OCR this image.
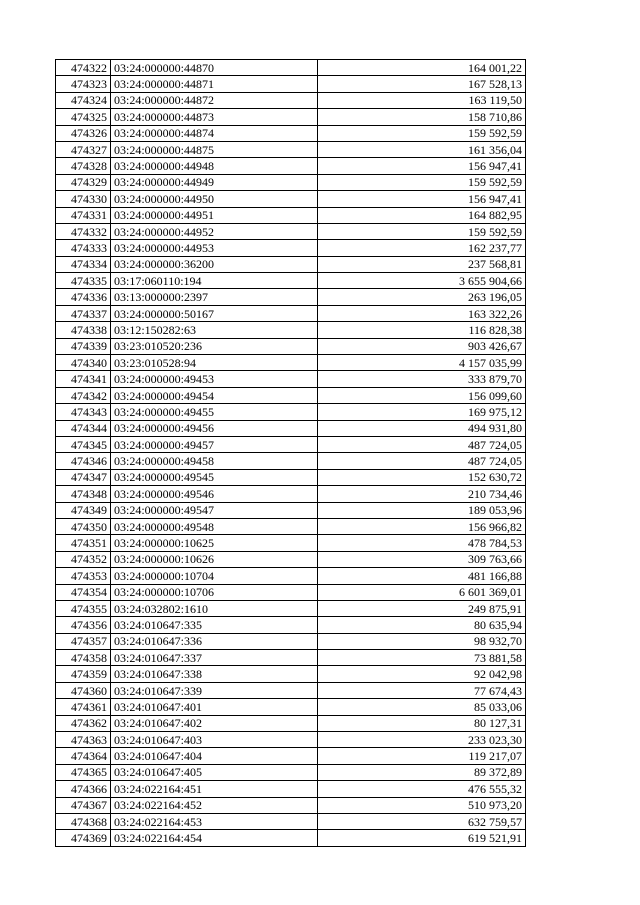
474322	03:24:000000:44870	164 001,22
474323	03:24:000000:44871	167 528,13
474324	03:24:000000:44872	163 119,50
474325	03:24:000000:44873	158 710,86
474326	03:24:000000:44874	159 592,59
474327	03:24:000000:44875	161 356,04
474328	03:24:000000:44948	156 947,41
474329	03:24:000000:44949	159 592,59
474330	03:24:000000:44950	156 947,41
474331	03:24:000000:44951	164 882,95
474332	03:24:000000:44952	159 592,59
474333	03:24:000000:44953	162 237,77
474334	03:24:000000:36200	237 568,81
474335	03:17:060110:194	3 655 904,66
474336	03:13:000000:2397	263 196,05
474337	03:24:000000:50167	163 322,26
474338	03:12:150282:63	116 828,38
474339	03:23:010520:236	903 426,67
474340	03:23:010528:94	4 157 035,99
474341	03:24:000000:49453	333 879,70
474342	03:24:000000:49454	156 099,60
474343	03:24:000000:49455	169 975,12
474344	03:24:000000:49456	494 931,80
474345	03:24:000000:49457	487 724,05
474346	03:24:000000:49458	487 724,05
474347	03:24:000000:49545	152 630,72
474348	03:24:000000:49546	210 734,46
474349	03:24:000000:49547	189 053,96
474350	03:24:000000:49548	156 966,82
474351	03:24:000000:10625	478 784,53
474352	03:24:000000:10626	309 763,66
474353	03:24:000000:10704	481 166,88
474354	03:24:000000:10706	6 601 369,01
474355	03:24:032802:1610	249 875,91
474356	03:24:010647:335	80 635,94
474357	03:24:010647:336	98 932,70
474358	03:24:010647:337	73 881,58
474359	03:24:010647:338	92 042,98
474360	03:24:010647:339	77 674,43
474361	03:24:010647:401	85 033,06
474362	03:24:010647:402	80 127,31
474363	03:24:010647:403	233 023,30
474364	03:24:010647:404	119 217,07
474365	03:24:010647:405	89 372,89
474366	03:24:022164:451	476 555,32
474367	03:24:022164:452	510 973,20
474368	03:24:022164:453	632 759,57
474369	03:24:022164:454	619 521,91
